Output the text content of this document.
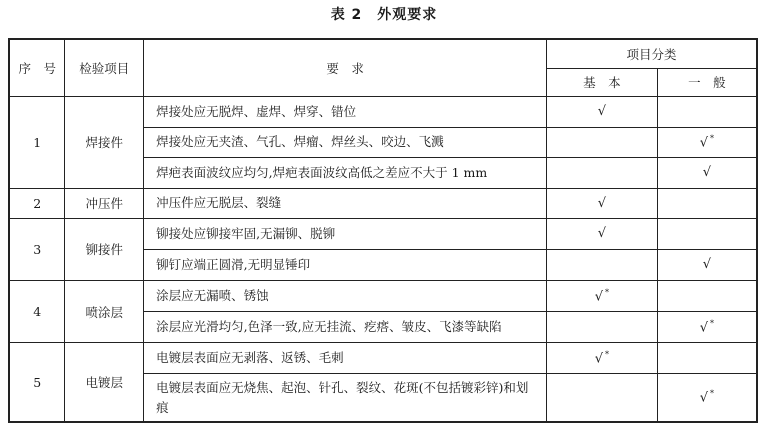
表 2　外观要求
序　号	检验项目	要　求	项目分类	
			基　本	一　般
1	焊接件	焊接处应无脱焊、虚焊、焊穿、错位	√	
		焊接处应无夹渣、气孔、焊瘤、焊丝头、咬边、飞溅		√ *
		焊疤表面波纹应均匀,焊疤表面波纹高低之差应不大于 1 mm		√
2	冲压件	冲压件应无脱层、裂缝	√	
3	铆接件	铆接处应铆接牢固,无漏铆、脱铆	√	
		铆钉应端正圆滑,无明显锤印		√
4	喷涂层	涂层应无漏喷、锈蚀	√ *	
		涂层应光滑均匀,色泽一致,应无挂流、疙瘩、皱皮、飞漆等缺陷		√ *
5	电镀层	电镀层表面应无剥落、返锈、毛刺	√ *	
		电镀层表面应无烧焦、起泡、针孔、裂纹、花斑(不包括镀彩锌)和划痕		√ *
